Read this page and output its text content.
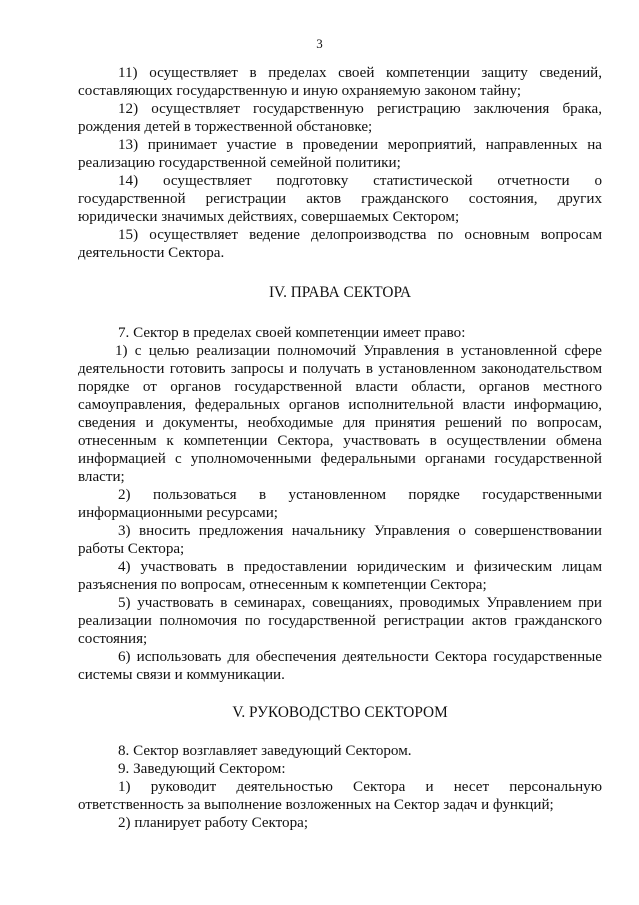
3

11) осуществляет в пределах своей компетенции защиту сведений, составляющих государственную и иную охраняемую законом тайну;

12) осуществляет государственную регистрацию заключения брака, рождения детей в торжественной обстановке;

13) принимает участие в проведении мероприятий, направленных на реализацию государственной семейной политики;

14) осуществляет подготовку статистической отчетности о государственной регистрации актов гражданского состояния, других юридически значимых действиях, совершаемых Сектором;

15) осуществляет ведение делопроизводства по основным вопросам деятельности Сектора.

IV. ПРАВА СЕКТОРА

7. Сектор в пределах своей компетенции имеет право:

1) с целью реализации полномочий Управления в установленной сфере деятельности готовить запросы и получать в установленном законодательством порядке от органов государственной власти области, органов местного самоуправления, федеральных органов исполнительной власти информацию, сведения и документы, необходимые для принятия решений по вопросам, отнесенным к компетенции Сектора, участвовать в осуществлении обмена информацией с уполномоченными федеральными органами государственной власти;

2) пользоваться в установленном порядке государственными информационными ресурсами;

3) вносить предложения начальнику Управления о совершенствовании работы Сектора;

4) участвовать в предоставлении юридическим и физическим лицам разъяснения по вопросам, отнесенным к компетенции Сектора;

5) участвовать в семинарах, совещаниях, проводимых Управлением при реализации полномочия по государственной регистрации актов гражданского состояния;

6) использовать для обеспечения деятельности Сектора государственные системы связи и коммуникации.

V. РУКОВОДСТВО СЕКТОРОМ

8. Сектор возглавляет заведующий Сектором.

9. Заведующий Сектором:

1) руководит деятельностью Сектора и несет персональную ответственность за выполнение возложенных на Сектор задач и функций;

2) планирует работу Сектора;
